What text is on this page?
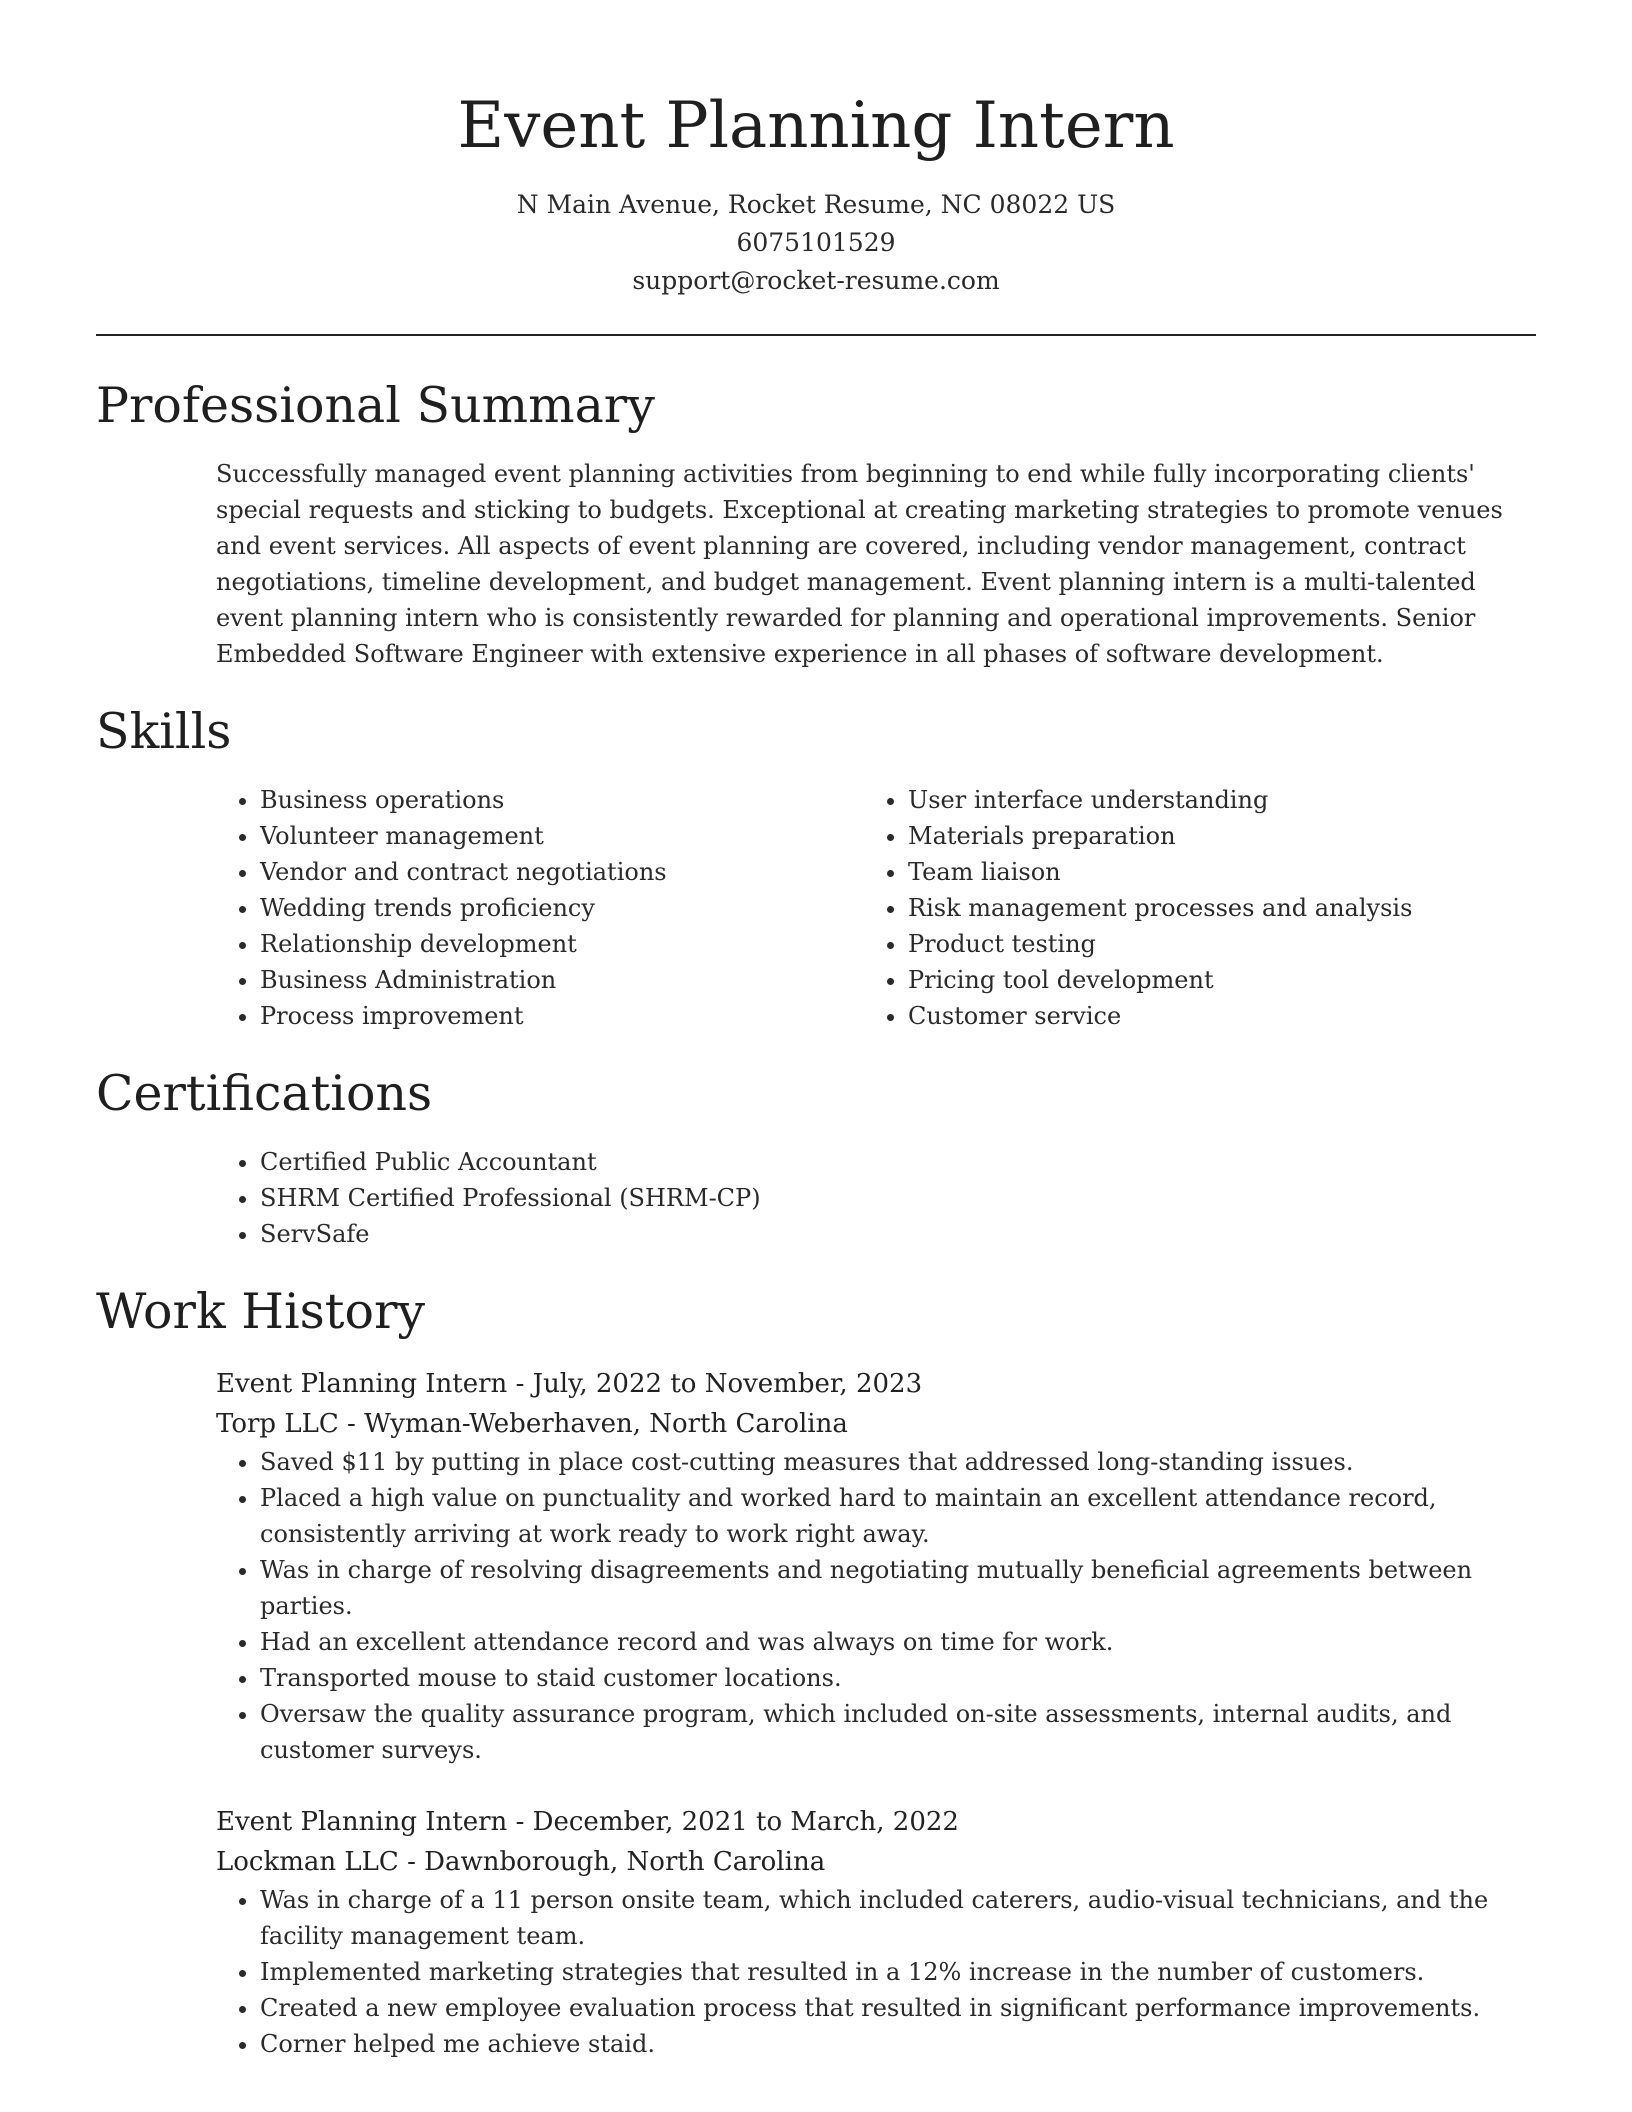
Event Planning Intern
N Main Avenue, Rocket Resume, NC 08022 US
6075101529
support@rocket-resume.com
Professional Summary

Successfully managed event planning activities from beginning to end while fully incorporating clients' special requests and sticking to budgets. Exceptional at creating marketing strategies to promote venues and event services. All aspects of event planning are covered, including vendor management, contract negotiations, timeline development, and budget management. Event planning intern is a multi-talented event planning intern who is consistently rewarded for planning and operational improvements. Senior Embedded Software Engineer with extensive experience in all phases of software development.

Skills
• Business operations
• Volunteer management
• Vendor and contract negotiations
• Wedding trends proficiency
• Relationship development
• Business Administration
• Process improvement
• User interface understanding
• Materials preparation
• Team liaison
• Risk management processes and analysis
• Product testing
• Pricing tool development
• Customer service
Certifications
• Certified Public Accountant
• SHRM Certified Professional (SHRM-CP)
• ServSafe
Work History
Event Planning Intern - July, 2022 to November, 2023
Torp LLC - Wyman-Weberhaven, North Carolina
• Saved $11 by putting in place cost-cutting measures that addressed long-standing issues.
• Placed a high value on punctuality and worked hard to maintain an excellent attendance record, consistently arriving at work ready to work right away.
• Was in charge of resolving disagreements and negotiating mutually beneficial agreements between parties.
• Had an excellent attendance record and was always on time for work.
• Transported mouse to staid customer locations.
• Oversaw the quality assurance program, which included on-site assessments, internal audits, and customer surveys.
Event Planning Intern - December, 2021 to March, 2022
Lockman LLC - Dawnborough, North Carolina
• Was in charge of a 11 person onsite team, which included caterers, audio-visual technicians, and the facility management team.
• Implemented marketing strategies that resulted in a 12% increase in the number of customers.
• Created a new employee evaluation process that resulted in significant performance improvements.
• Corner helped me achieve staid.
